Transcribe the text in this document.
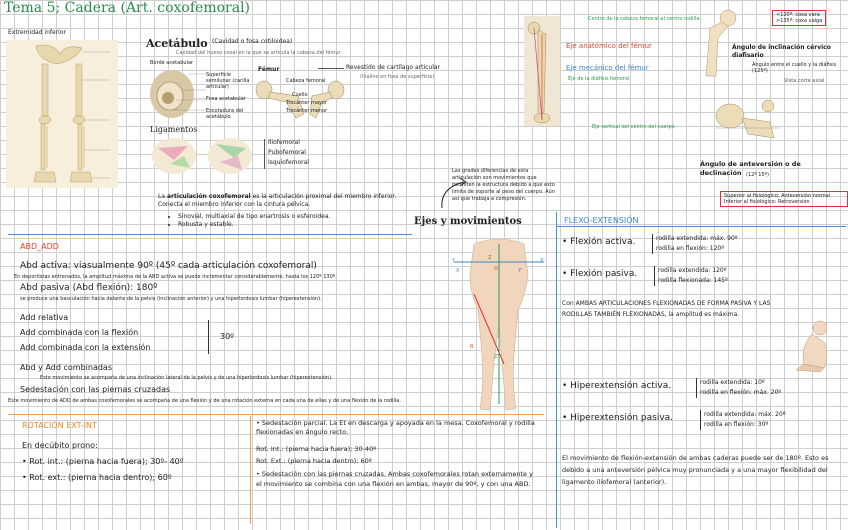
Tema 5; Cadera (Art. coxofemoral)
Extremidad inferior
Acetábulo (Cavidad o fosa cotiloidea)
Cavidad del hueso coxal en la que se articula la cabeza del fémur
Borde acetabular
Superficie semilunar (carilla articular)
Fosa acetabular
Escotadura del acetábulo
Fémur
Cabeza femoral
Cuello
Trocánter mayor
Trocánter menor
Revestido de cartílago articular
(hialino en fosa de superficie)
Ligamentos
Iliofemoral
Pubofemoral
Isquiofemoral
La articulación coxofemoral es la articulación proximal del miembro inferior. Conecta el miembro inferior con la cintura pélvica.
• Sinovial, multiaxial de tipo enartrosis o esferoidea.
• Robusta y estable.
ABD_ADD
Abd activa: viasualmente 90º (45º cada articulación coxofemoral)
En deportistas entrenados, la amplitud máxima de la ABD activa se puede incrementar considerablemente, hasta los 120º 130º.
Abd pasiva (Abd flexión): 180º
se produce una basculación hacia delante de la pelvis (inclinación anterior) y una hiperlordosis lumbar (hiperextensión).
Add relativa
Add combinada con la flexión
Add combinada con la extensión
30º
Abd y Add combinadas
Esto movimiento se acompaña de una inclinación lateral de la pelvis y de una hiperlordosis lumbar (hiperextensión).
Sedestación con las piernas cruzadas
Este movimiento de ADD de ambas coxofemorales se acompaña de una flexión y de una rotación externa en cada una de ellas y de una flexión de la rodilla.
ROTACIÓN EXT-INT
En decúbito prono:
• Rot. int.: (pierna hacia fuera); 30º- 40º
• Rot. ext.: (pierna hacia dentro); 60º
• Sedestación parcial. La Et en descarga y apoyada en la mesa. Coxofemoral y rodilla flexionadas en ángulo recto.
Rot. Int.: (pierna hacia fuera); 30-40º
Rot. Ext.: (pierna hacia dentro); 60º
• Sedestación con las piernas cruzadas. Ambas coxofemorales rotan externamente y el movimiento se combina con una flexión en ambas, mayor de 90º, y con una ABD.
Las grades diferencias de esta articulación son movimientos que permiten la estructura debido a que esto limita de soporte al peso del cuerpo. Aún así que trabaja a compresión.
Ejes y movimientos
Y
X
Z
O
X'
Y'
Z'
R
Centro de la cabeza femoral al centro rodilla
Eje anatómico del fémur
Eje mecánico del fémur
Eje de la diáfisis femoral
Eje vertical del centro del cuerpo
<120º: coxa vara
>135º: coxa valga
Ángulo de inclinación cérvico diafisario
Ángulo entre el cuello y la diáfisis (125º)
Vista corte axial
Ángulo de anteversión o de declinación (12º 15º)
Superior al fisiológico: Anteversión normal
Inferior al fisiológico: Retroversión
FLEXO-EXTENSIÓN
• Flexión activa.	rodilla extendida: máx. 90º
rodilla en flexión: 120º
• Flexión pasiva.	rodilla extendida: 120º
rodilla flexionada: 145º
Con AMBAS ARTICULACIONES FLEXIONADAS DE FORMA PASIVA Y LAS RODILLAS TAMBIÉN FLEXIONADAS, la amplitud es máxima.
• Hiperextensión activa.	rodilla extendida: 10º
rodilla en flexión: máx. 20º
• Hiperextensión pasiva.	rodilla extendida: máx. 20º
rodilla en flexión: 30º
El movimiento de flexión-extensión de ambas caderas puede ser de 180º. Esto es debido a una anteversión pélvica muy pronunciada y a una mayor flexibilidad del ligamento iliofemoral (anterior).
